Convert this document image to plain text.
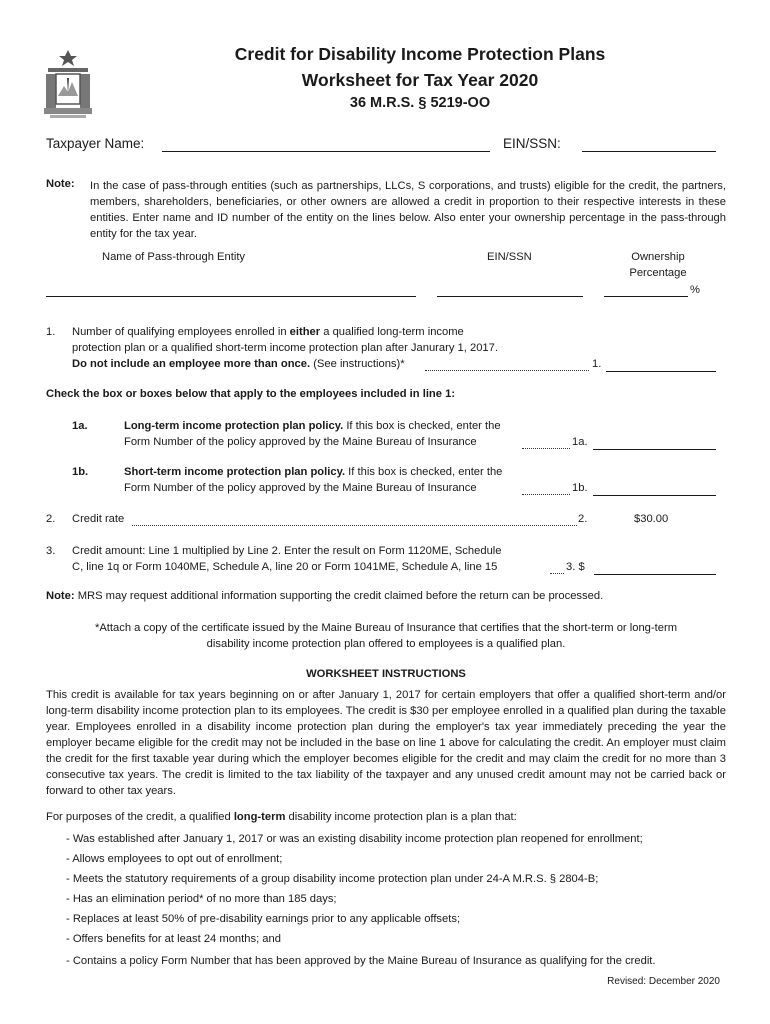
Credit for Disability Income Protection Plans
Worksheet for Tax Year 2020
36 M.R.S. § 5219-OO
Taxpayer Name:	EIN/SSN:
Note: In the case of pass-through entities (such as partnerships, LLCs, S corporations, and trusts) eligible for the credit, the partners, members, shareholders, beneficiaries, or other owners are allowed a credit in proportion to their respective interests in these entities. Enter name and ID number of the entity on the lines below. Also enter your ownership percentage in the pass-through entity for the tax year.
Name of Pass-through Entity	EIN/SSN	Ownership
Percentage
%
1. Number of qualifying employees enrolled in either a qualified long-term income
protection plan or a qualified short-term income protection plan after Janurary 1, 2017.
Do not include an employee more than once. (See instructions)*	1.
Check the box or boxes below that apply to the employees included in line 1:
1a.	Long-term income protection plan policy. If this box is checked, enter the
Form Number of the policy approved by the Maine Bureau of Insurance	1a.
1b.	Short-term income protection plan policy. If this box is checked, enter the
Form Number of the policy approved by the Maine Bureau of Insurance	1b.
2. Credit rate	2.	$30.00
3. Credit amount: Line 1 multiplied by Line 2. Enter the result on Form 1120ME, Schedule
C, line 1q or Form 1040ME, Schedule A, line 20 or Form 1041ME, Schedule A, line 15	3. $
Note: MRS may request additional information supporting the credit claimed before the return can be processed.
*Attach a copy of the certificate issued by the Maine Bureau of Insurance that certifies that the short-term or long-term
disability income protection plan offered to employees is a qualified plan.
WORKSHEET INSTRUCTIONS
This credit is available for tax years beginning on or after January 1, 2017 for certain employers that offer a qualified short-term and/or long-term disability income protection plan to its employees. The credit is $30 per employee enrolled in a qualified plan during the taxable year. Employees enrolled in a disability income protection plan during the employer's tax year immediately preceding the year the employer became eligible for the credit may not be included in the base on line 1 above for calculating the credit. An employer must claim the credit for the first taxable year during which the employer becomes eligible for the credit and may claim the credit for no more than 3 consecutive tax years. The credit is limited to the tax liability of the taxpayer and any unused credit amount may not be carried back or forward to other tax years.
For purposes of the credit, a qualified long-term disability income protection plan is a plan that:
- Was established after January 1, 2017 or was an existing disability income protection plan reopened for enrollment;
- Allows employees to opt out of enrollment;
- Meets the statutory requirements of a group disability income protection plan under 24-A M.R.S. § 2804-B;
- Has an elimination period* of no more than 185 days;
- Replaces at least 50% of pre-disability earnings prior to any applicable offsets;
- Offers benefits for at least 24 months; and
- Contains a policy Form Number that has been approved by the Maine Bureau of Insurance as qualifying for the credit.
Revised: December 2020
